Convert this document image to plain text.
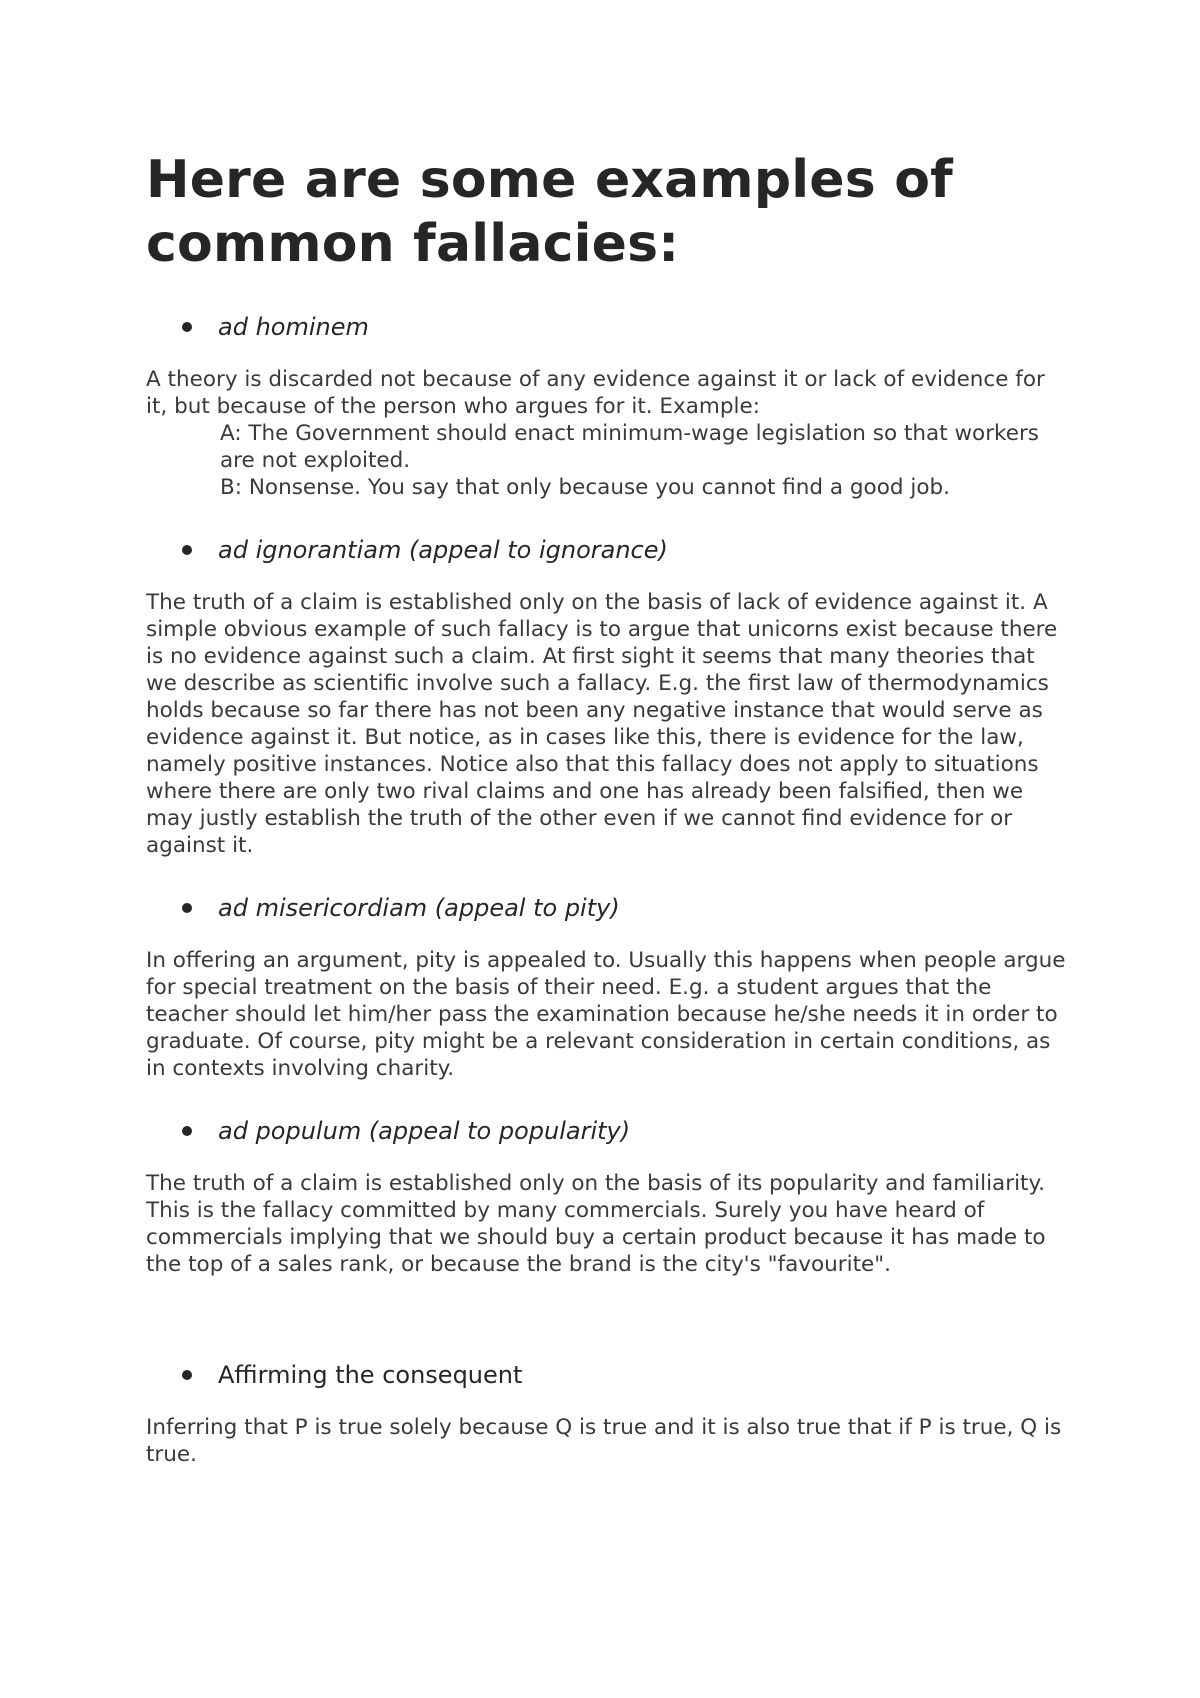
Here are some examples of common fallacies:
ad hominem

A theory is discarded not because of any evidence against it or lack of evidence for it, but because of the person who argues for it. Example:

A: The Government should enact minimum-wage legislation so that workers are not exploited.

B: Nonsense. You say that only because you cannot find a good job.

ad ignorantiam (appeal to ignorance)

The truth of a claim is established only on the basis of lack of evidence against it. A simple obvious example of such fallacy is to argue that unicorns exist because there is no evidence against such a claim. At first sight it seems that many theories that we describe as scientific involve such a fallacy. E.g. the first law of thermodynamics holds because so far there has not been any negative instance that would serve as evidence against it. But notice, as in cases like this, there is evidence for the law, namely positive instances. Notice also that this fallacy does not apply to situations where there are only two rival claims and one has already been falsified, then we may justly establish the truth of the other even if we cannot find evidence for or against it.

ad misericordiam (appeal to pity)

In offering an argument, pity is appealed to. Usually this happens when people argue for special treatment on the basis of their need. E.g. a student argues that the teacher should let him/her pass the examination because he/she needs it in order to graduate. Of course, pity might be a relevant consideration in certain conditions, as in contexts involving charity.

ad populum (appeal to popularity)

The truth of a claim is established only on the basis of its popularity and familiarity. This is the fallacy committed by many commercials. Surely you have heard of commercials implying that we should buy a certain product because it has made to the top of a sales rank, or because the brand is the city's "favourite".

Affirming the consequent

Inferring that P is true solely because Q is true and it is also true that if P is true, Q is true.
